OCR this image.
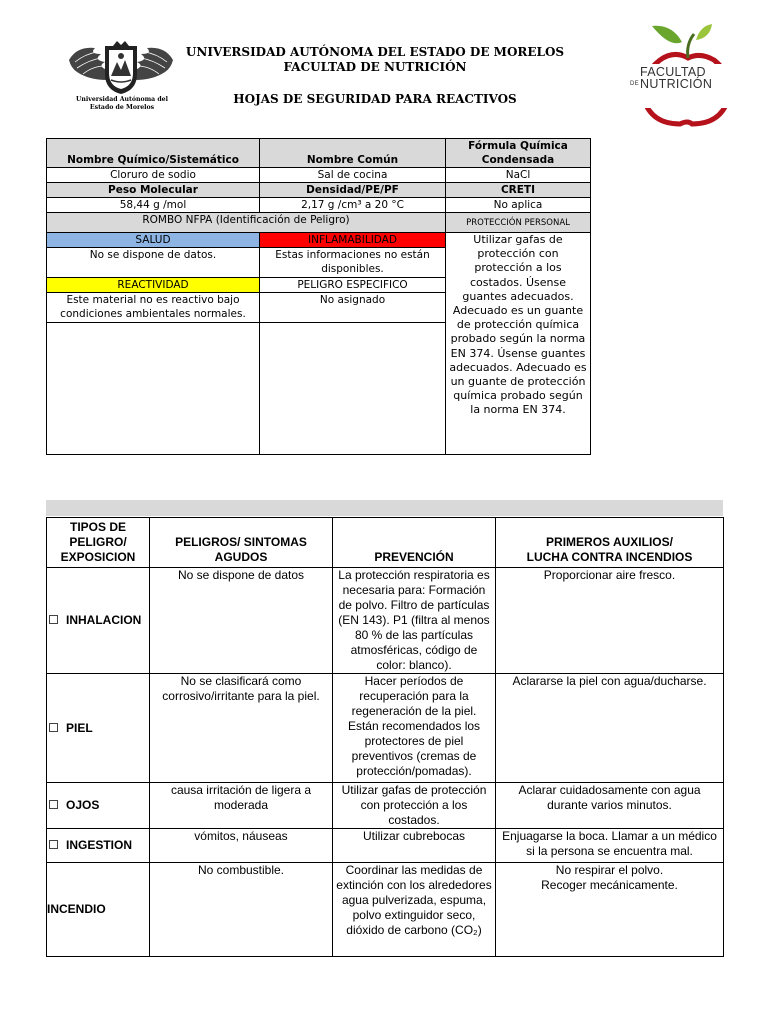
Universidad Autónoma del
Estado de Morelos
UNIVERSIDAD AUTÓNOMA DEL ESTADO DE MORELOS
FACULTAD DE NUTRICIÓN
HOJAS DE SEGURIDAD PARA REACTIVOS
FACULTAD
DE NUTRICIÓN
Nombre Químico/Sistemático	Nombre Común	Fórmula Química Condensada
Cloruro de sodio	Sal de cocina	NaCl
Peso Molecular	Densidad/PE/PF	CRETI
58,44 g /mol	2,17 g /cm³ a 20 °C	No aplica
ROMBO NFPA (Identificación de Peligro)		PROTECCIÓN PERSONAL
SALUD	INFLAMABILIDAD	Utilizar gafas de protección con protección a los costados. Úsense guantes adecuados. Adecuado es un guante de protección química probado según la norma EN 374. Úsense guantes adecuados. Adecuado es un guante de protección química probado según la norma EN 374.
No se dispone de datos.	Estas informaciones no están disponibles.	
REACTIVIDAD	PELIGRO ESPECIFICO	
Este material no es reactivo bajo condiciones ambientales normales.	No asignado	

TIPOS DE PELIGRO/ EXPOSICION	PELIGROS/ SINTOMAS AGUDOS	PREVENCIÓN	PRIMEROS AUXILIOS/
LUCHA CONTRA INCENDIOS

INHALACION	No se dispone de datos	La protección respiratoria es necesaria para: Formación de polvo. Filtro de partículas (EN 143). P1 (filtra al menos 80 % de las partículas atmosféricas, código de color: blanco).	Proporcionar aire fresco.
PIEL	No se clasificará como corrosivo/irritante para la piel.	Hacer períodos de recuperación para la regeneración de la piel. Están recomendados los protectores de piel preventivos (cremas de protección/pomadas).	Aclararse la piel con agua/ducharse.
OJOS	causa irritación de ligera a moderada	Utilizar gafas de protección con protección a los costados.	Aclarar cuidadosamente con agua durante varios minutos.
INGESTION	vómitos, náuseas	Utilizar cubrebocas	Enjuagarse la boca. Llamar a un médico si la persona se encuentra mal.
INCENDIO	No combustible.	Coordinar las medidas de extinción con los alrededores agua pulverizada, espuma, polvo extinguidor seco, dióxido de carbono (CO₂)	No respirar el polvo.
Recoger mecánicamente.
